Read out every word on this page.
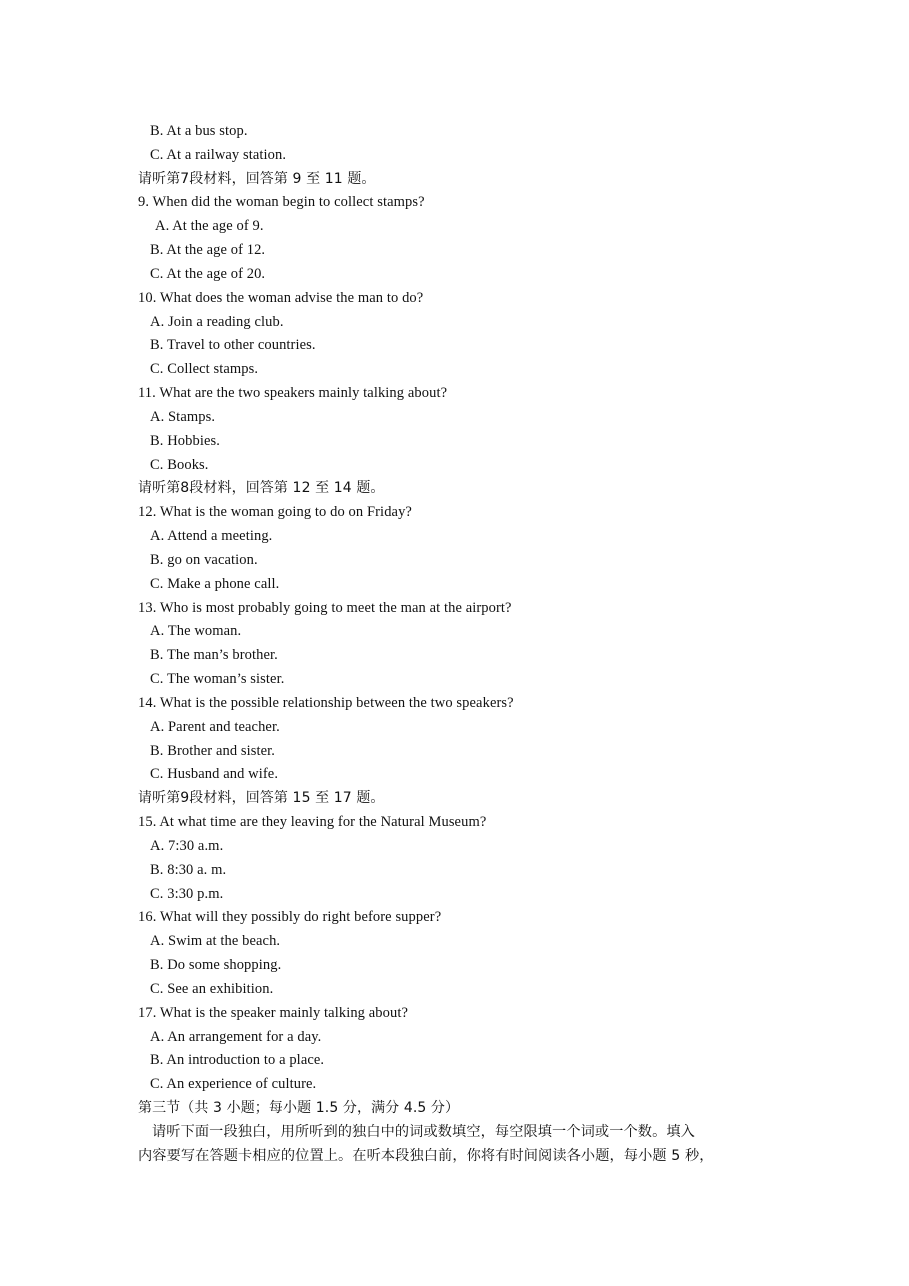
B. At a bus stop.
C. At a railway station.
请听第7段材料，回答第 9 至 11 题。
9. When did the woman begin to collect stamps?
A. At the age of 9.
B. At the age of 12.
C. At the age of 20.
10. What does the woman advise the man to do?
A. Join a reading club.
B. Travel to other countries.
C. Collect stamps.
11. What are the two speakers mainly talking about?
A. Stamps.
B. Hobbies.
C. Books.
请听第8段材料，回答第 12 至 14 题。
12. What is the woman going to do on Friday?
A. Attend a meeting.
B. go on vacation.
C. Make a phone call.
13. Who is most probably going to meet the man at the airport?
A. The woman.
B. The man’s brother.
C. The woman’s sister.
14. What is the possible relationship between the two speakers?
A. Parent and teacher.
B. Brother and sister.
C. Husband and wife.
请听第9段材料，回答第 15 至 17 题。
15. At what time are they leaving for the Natural Museum?
A. 7:30 a.m.
B. 8:30 a. m.
C. 3:30 p.m.
16. What will they possibly do right before supper?
A. Swim at the beach.
B. Do some shopping.
C. See an exhibition.
17. What is the speaker mainly talking about?
A. An arrangement for a day.
B. An introduction to a place.
C. An experience of culture.
第三节（共 3 小题；每小题 1.5 分，满分 4.5 分）
请听下面一段独白，用所听到的独白中的词或数填空，每空限填一个词或一个数。填入
内容要写在答题卡相应的位置上。在听本段独白前，你将有时间阅读各小题，每小题 5 秒，
